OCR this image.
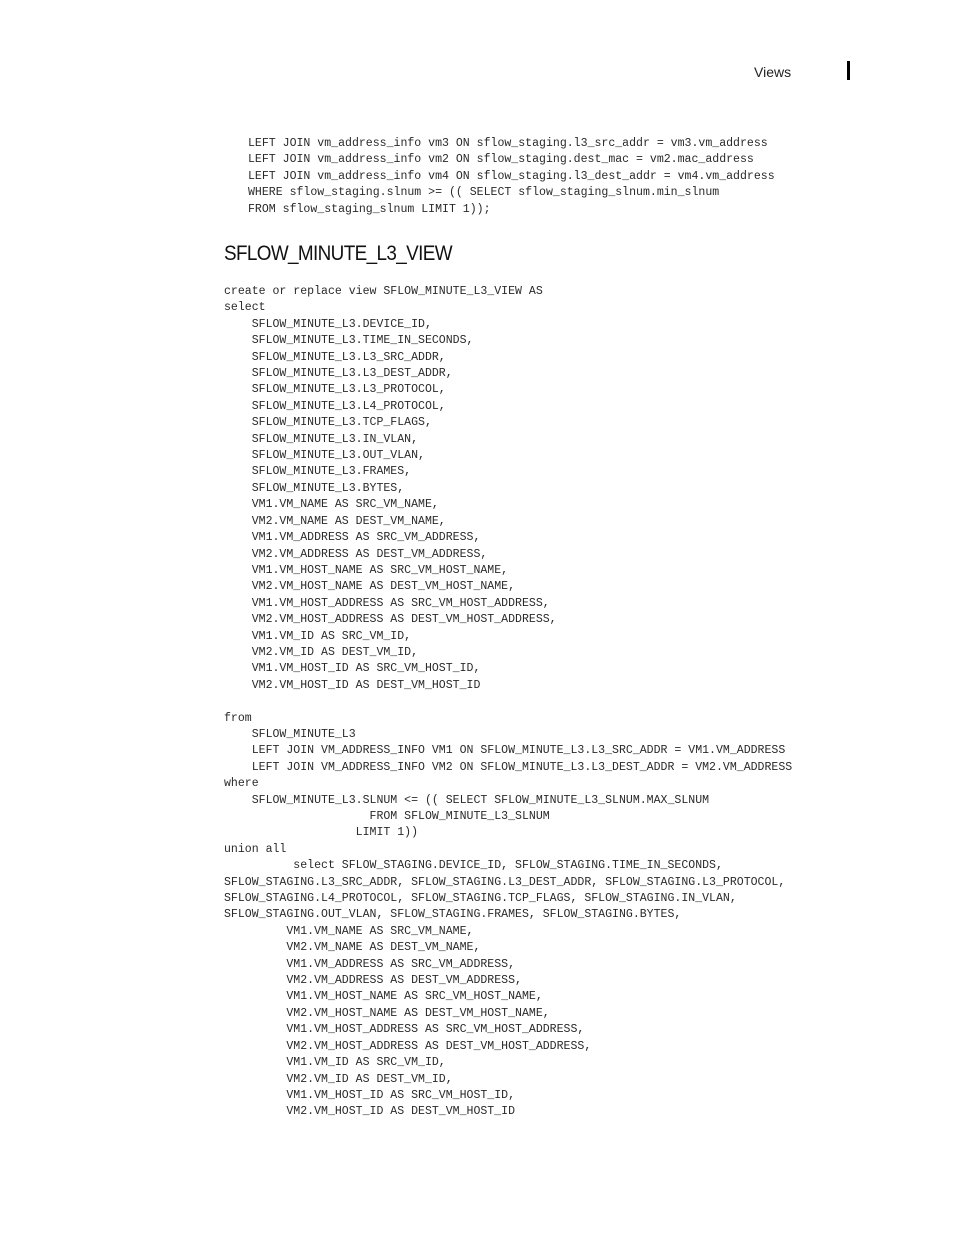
Views
LEFT JOIN vm_address_info vm3 ON sflow_staging.l3_src_addr = vm3.vm_address
LEFT JOIN vm_address_info vm2 ON sflow_staging.dest_mac = vm2.mac_address
LEFT JOIN vm_address_info vm4 ON sflow_staging.l3_dest_addr = vm4.vm_address
WHERE sflow_staging.slnum >= (( SELECT sflow_staging_slnum.min_slnum
FROM sflow_staging_slnum LIMIT 1));
SFLOW_MINUTE_L3_VIEW
create or replace view SFLOW_MINUTE_L3_VIEW AS
select
SFLOW_MINUTE_L3.DEVICE_ID,
SFLOW_MINUTE_L3.TIME_IN_SECONDS,
SFLOW_MINUTE_L3.L3_SRC_ADDR,
SFLOW_MINUTE_L3.L3_DEST_ADDR,
SFLOW_MINUTE_L3.L3_PROTOCOL,
SFLOW_MINUTE_L3.L4_PROTOCOL,
SFLOW_MINUTE_L3.TCP_FLAGS,
SFLOW_MINUTE_L3.IN_VLAN,
SFLOW_MINUTE_L3.OUT_VLAN,
SFLOW_MINUTE_L3.FRAMES,
SFLOW_MINUTE_L3.BYTES,
VM1.VM_NAME AS SRC_VM_NAME,
VM2.VM_NAME AS DEST_VM_NAME,
VM1.VM_ADDRESS AS SRC_VM_ADDRESS,
VM2.VM_ADDRESS AS DEST_VM_ADDRESS,
VM1.VM_HOST_NAME AS SRC_VM_HOST_NAME,
VM2.VM_HOST_NAME AS DEST_VM_HOST_NAME,
VM1.VM_HOST_ADDRESS AS SRC_VM_HOST_ADDRESS,
VM2.VM_HOST_ADDRESS AS DEST_VM_HOST_ADDRESS,
VM1.VM_ID AS SRC_VM_ID,
VM2.VM_ID AS DEST_VM_ID,
VM1.VM_HOST_ID AS SRC_VM_HOST_ID,
VM2.VM_HOST_ID AS DEST_VM_HOST_ID

from
SFLOW_MINUTE_L3
LEFT JOIN VM_ADDRESS_INFO VM1 ON SFLOW_MINUTE_L3.L3_SRC_ADDR = VM1.VM_ADDRESS
LEFT JOIN VM_ADDRESS_INFO VM2 ON SFLOW_MINUTE_L3.L3_DEST_ADDR = VM2.VM_ADDRESS
where
SFLOW_MINUTE_L3.SLNUM <= (( SELECT SFLOW_MINUTE_L3_SLNUM.MAX_SLNUM
FROM SFLOW_MINUTE_L3_SLNUM
LIMIT 1))
union all
select SFLOW_STAGING.DEVICE_ID, SFLOW_STAGING.TIME_IN_SECONDS,
SFLOW_STAGING.L3_SRC_ADDR, SFLOW_STAGING.L3_DEST_ADDR, SFLOW_STAGING.L3_PROTOCOL,
SFLOW_STAGING.L4_PROTOCOL, SFLOW_STAGING.TCP_FLAGS, SFLOW_STAGING.IN_VLAN,
SFLOW_STAGING.OUT_VLAN, SFLOW_STAGING.FRAMES, SFLOW_STAGING.BYTES,
VM1.VM_NAME AS SRC_VM_NAME,
VM2.VM_NAME AS DEST_VM_NAME,
VM1.VM_ADDRESS AS SRC_VM_ADDRESS,
VM2.VM_ADDRESS AS DEST_VM_ADDRESS,
VM1.VM_HOST_NAME AS SRC_VM_HOST_NAME,
VM2.VM_HOST_NAME AS DEST_VM_HOST_NAME,
VM1.VM_HOST_ADDRESS AS SRC_VM_HOST_ADDRESS,
VM2.VM_HOST_ADDRESS AS DEST_VM_HOST_ADDRESS,
VM1.VM_ID AS SRC_VM_ID,
VM2.VM_ID AS DEST_VM_ID,
VM1.VM_HOST_ID AS SRC_VM_HOST_ID,
VM2.VM_HOST_ID AS DEST_VM_HOST_ID
